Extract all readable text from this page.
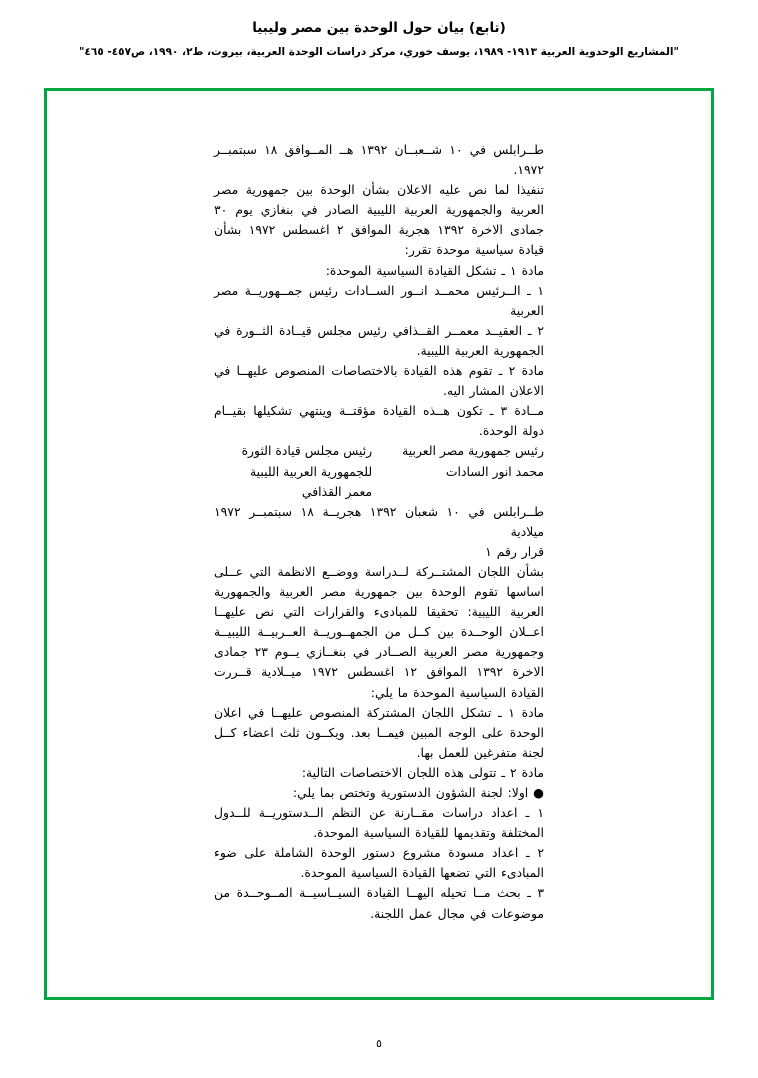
(تابع) بيان حول الوحدة بين مصر وليبيا
"المشاريع الوحدوية العربية ١٩١٣- ١٩٨٩، يوسف خوري، مركز دراسات الوحدة العربية، بيروت، ط٢، ١٩٩٠، ص٤٥٧- ٤٦٥"

طــرابلس في ١٠ شــعبــان ١٣٩٢ هــ المــوافق ١٨ سبتمبــر ١٩٧٢.

تنفيذا لما نص عليه الاعلان بشأن الوحدة بين جمهورية مصر العربية والجمهورية العربية الليبية الصادر في بنغازي يوم ٣٠ جمادى الاخرة ١٣٩٢ هجرية الموافق ٢ اغسطس ١٩٧٢ بشأن قيادة سياسية موحدة تقرر:

مادة ١ ـ تشكل القيادة السياسية الموحدة:

١ ـ الــرئيس محمــد انــور الســادات رئيس جمــهوريــة مصر العربية

٢ ـ العقيــد معمــر القــذافي رئيس مجلس قيــادة الثــورة في الجمهورية العربية الليبية.

مادة ٢ ـ تقوم هذه القيادة بالاختصاصات المنصوص عليهــا في الاعلان المشار اليه.

مــادة ٣ ـ تكون هــذه القيادة مؤقتــة وينتهي تشكيلها بقيــام دولة الوحدة.

رئيس جمهورية مصر العربية	رئيس مجلس قيادة الثورة
محمد انور السادات	للجمهورية العربية الليبية
	معمر القذافي

طــرابلس في ١٠ شعبان ١٣٩٢ هجريــة ١٨ سبتمبــر ١٩٧٢ ميلادية

قرار رقم ١

بشأن اللجان المشتــركة لــدراسة ووضــع الانظمة التي عــلى اساسها تقوم الوحدة بين جمهورية مصر العربية والجمهورية العربية الليبية: تحقيقا للمبادىء والقرارات التي نص عليهــا اعــلان الوحــدة بين كــل من الجمهــوريــة العــربيــة الليبيــة وجمهورية مصر العربية الصــادر في بنغــازي يــوم ٢٣ جمادى الاخرة ١٣٩٢ الموافق ١٢ اغسطس ١٩٧٢ ميــلادية قــررت القيادة السياسية الموحدة ما يلي:

مادة ١ ـ تشكل اللجان المشتركة المنصوص عليهــا في اعلان الوحدة على الوجه المبين فيمــا بعد. ويكــون ثلث اعضاء كــل لجنة متفرغين للعمل بها.

مادة ٢ ـ تتولى هذه اللجان الاختصاصات التالية:

● اولا: لجنة الشؤون الدستورية وتختص بما يلي:

١ ـ اعداد دراسات مقــارنة عن النظم الــدستوريــة للــدول المختلفة وتقديمها للقيادة السياسية الموحدة.

٢ ـ اعداد مسودة مشروع دستور الوحدة الشاملة على ضوء المبادىء التي تضعها القيادة السياسية الموحدة.

٣ ـ بحث مــا تحيله اليهــا القيادة السيــاسيــة المــوحــدة من موضوعات في مجال عمل اللجنة.

٥
